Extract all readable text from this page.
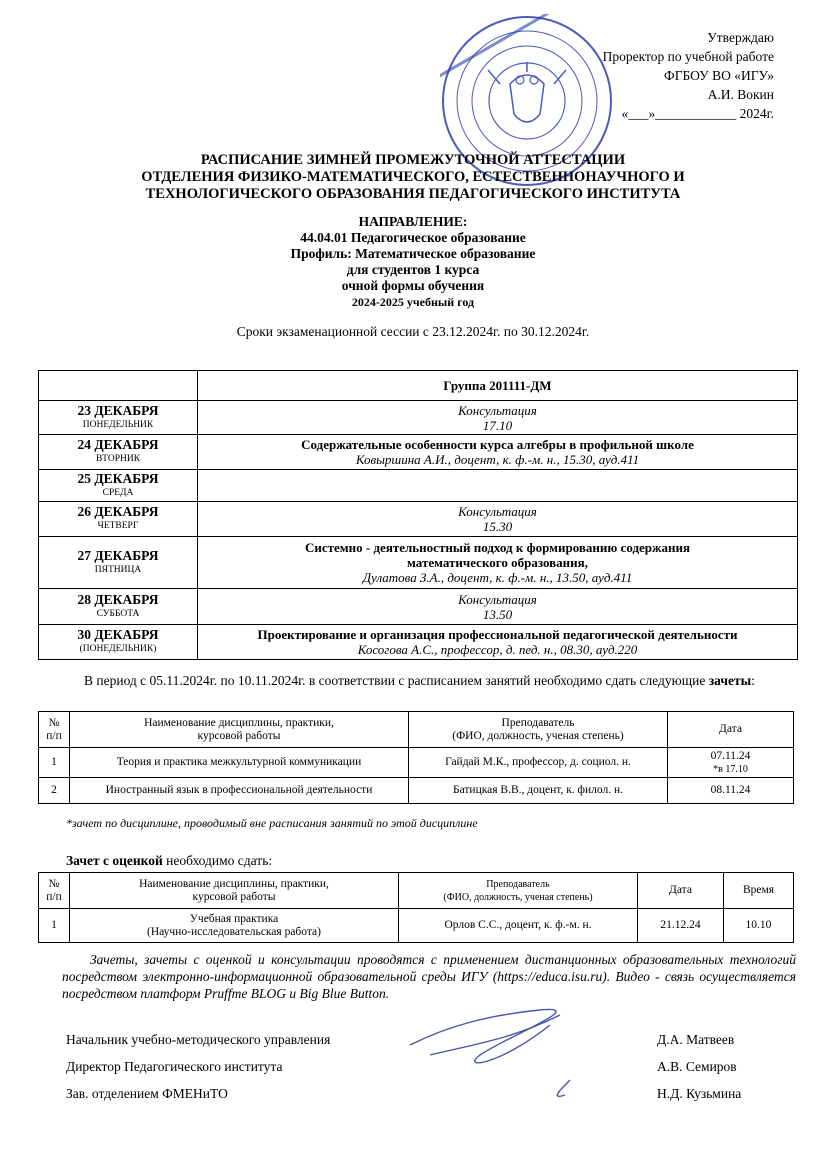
Утверждаю
Проректор по учебной работе
ФГБОУ ВО «ИГУ»
А.И. Вокин
«___»____________ 2024г.
РАСПИСАНИЕ ЗИМНЕЙ ПРОМЕЖУТОЧНОЙ АТТЕСТАЦИИ
ОТДЕЛЕНИЯ ФИЗИКО-МАТЕМАТИЧЕСКОГО, ЕСТЕСТВЕННОНАУЧНОГО И
ТЕХНОЛОГИЧЕСКОГО ОБРАЗОВАНИЯ ПЕДАГОГИЧЕСКОГО ИНСТИТУТА
НАПРАВЛЕНИЕ:
44.04.01 Педагогическое образование
Профиль: Математическое образование
для студентов 1 курса
очной формы обучения
2024-2025 учебный год
Сроки экзаменационной сессии с 23.12.2024г. по 30.12.2024г.

	Группа 201111-ДМ

23 ДЕКАБРЯ
ПОНЕДЕЛЬНИК	Консультация
17.10

24 ДЕКАБРЯ
ВТОРНИК	Содержательные особенности курса алгебры в профильной школе
Ковыршина А.И., доцент, к. ф.-м. н., 15.30, ауд.411

25 ДЕКАБРЯ
СРЕДА	

26 ДЕКАБРЯ
ЧЕТВЕРГ	Консультация
15.30

27 ДЕКАБРЯ
ПЯТНИЦА	Системно - деятельностный подход к формированию содержания математического образования,
Дулатова З.А., доцент, к. ф.-м. н., 13.50, ауд.411

28 ДЕКАБРЯ
СУББОТА	Консультация
13.50

30 ДЕКАБРЯ
(ПОНЕДЕЛЬНИК)	Проектирование и организация профессиональной педагогической деятельности
Косогова А.С., профессор, д. пед. н., 08.30, ауд.220
В период с 05.11.2024г. по 10.11.2024г. в соответствии с расписанием занятий необходимо сдать следующие зачеты:
№ п/п	Наименование дисциплины, практики,
курсовой работы	Преподаватель
(ФИО, должность, ученая степень)	Дата
1	Теория и практика межкультурной коммуникации	Гайдай М.К., профессор, д. социол. н.	07.11.24
*в 17.10

2	Иностранный язык в профессиональной деятельности	Батицкая В.В., доцент, к. филол. н.	08.11.24
*зачет по дисциплине, проводимый вне расписания занятий по этой дисциплине
Зачет с оценкой необходимо сдать:
№ п/п	Наименование дисциплины, практики,
курсовой работы	Преподаватель
(ФИО, должность, ученая степень)	Дата	Время
1	Учебная практика
(Научно-исследовательская работа)	Орлов С.С., доцент, к. ф.-м. н.	21.12.24	10.10
Зачеты, зачеты с оценкой и консультации проводятся с применением дистанционных образовательных технологий посредством электронно-информационной образовательной среды ИГУ (https://educa.isu.ru). Видео - связь осуществляется посредством платформ Pruffme BLOG и Big Blue Button.
Начальник учебно-методического управления	Д.А. Матвеев
Директор Педагогического института	А.В. Семиров
Зав. отделением ФМЕНиТО	Н.Д. Кузьмина
